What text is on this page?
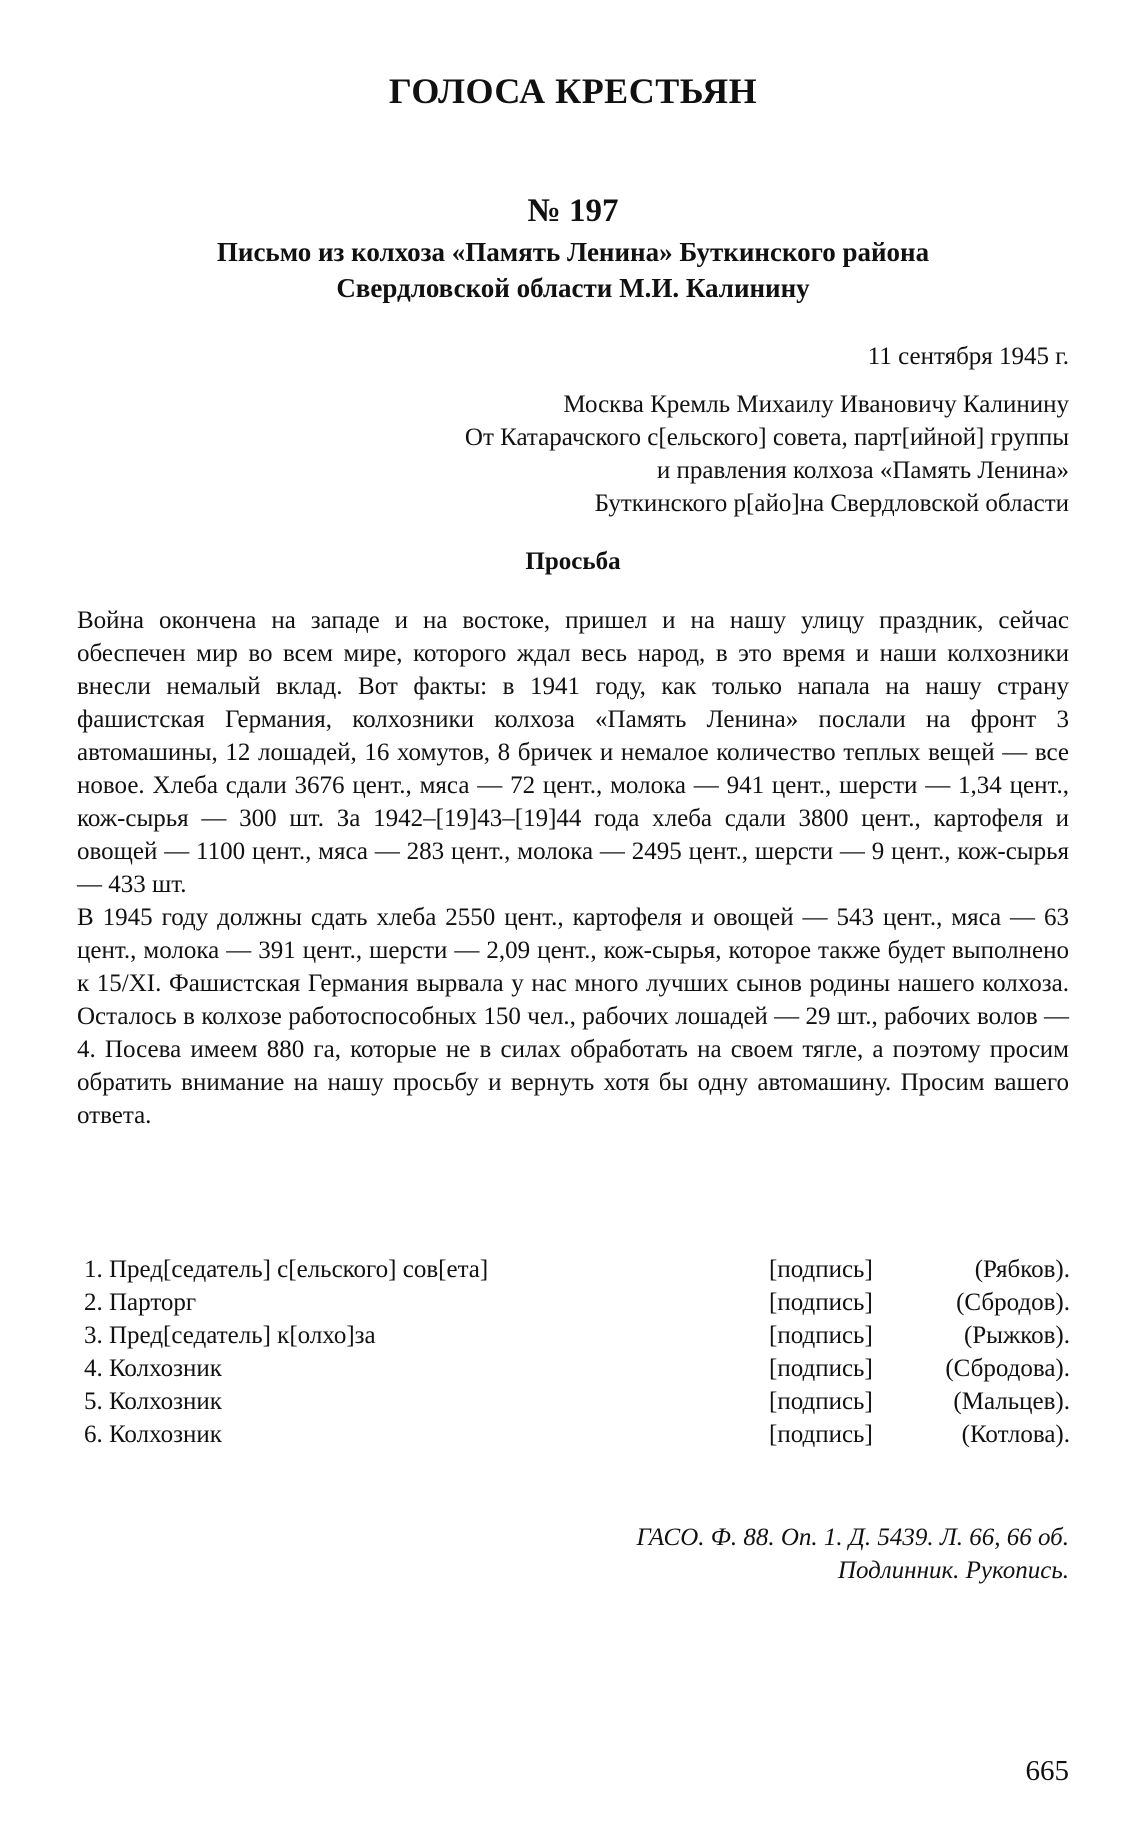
ГОЛОСА КРЕСТЬЯН
№ 197
Письмо из колхоза «Память Ленина» Буткинского района
Свердловской области М.И. Калинину
11 сентября 1945 г.
Москва Кремль Михаилу Ивановичу Калинину
От Катарачского с[ельского] совета, парт[ийной] группы
и правления колхоза «Память Ленина»
Буткинского р[айо]на Свердловской области
Просьба

Война окончена на западе и на востоке, пришел и на нашу улицу праздник, сейчас обеспечен мир во всем мире, которого ждал весь народ, в это время и наши колхозники внесли немалый вклад. Вот факты: в 1941 году, как только напала на нашу страну фашистская Германия, колхозники колхоза «Память Ленина» послали на фронт 3 автомашины, 12 лошадей, 16 хомутов, 8 бричек и немалое количество теплых вещей — все новое. Хлеба сдали 3676 цент., мяса — 72 цент., молока — 941 цент., шерсти — 1,34 цент., кож-сырья — 300 шт. За 1942–[19]43–[19]44 года хлеба сдали 3800 цент., картофеля и овощей — 1100 цент., мяса — 283 цент., молока — 2495 цент., шерсти — 9 цент., кож-сырья — 433 шт.

В 1945 году должны сдать хлеба 2550 цент., картофеля и овощей — 543 цент., мяса — 63 цент., молока — 391 цент., шерсти — 2,09 цент., кож-сырья, которое также будет выполнено к 15/XI. Фашистская Германия вырвала у нас много лучших сынов родины нашего колхоза. Осталось в колхозе работоспособных 150 чел., рабочих лошадей — 29 шт., рабочих волов — 4. Посева имеем 880 га, которые не в силах обработать на своем тягле, а поэтому просим обратить внимание на нашу просьбу и вернуть хотя бы одну автомашину. Просим вашего ответа.

1. Пред[седатель] с[ельского] сов[ета]	[подпись]	(Рябков).
2. Парторг	[подпись]	(Сбродов).
3. Пред[седатель] к[олхо]за	[подпись]	(Рыжков).
4. Колхозник	[подпись]	(Сбродова).
5. Колхозник	[подпись]	(Мальцев).
6. Колхозник	[подпись]	(Котлова).
ГАСО. Ф. 88. Оп. 1. Д. 5439. Л. 66, 66 об.
Подлинник. Рукопись.
665
